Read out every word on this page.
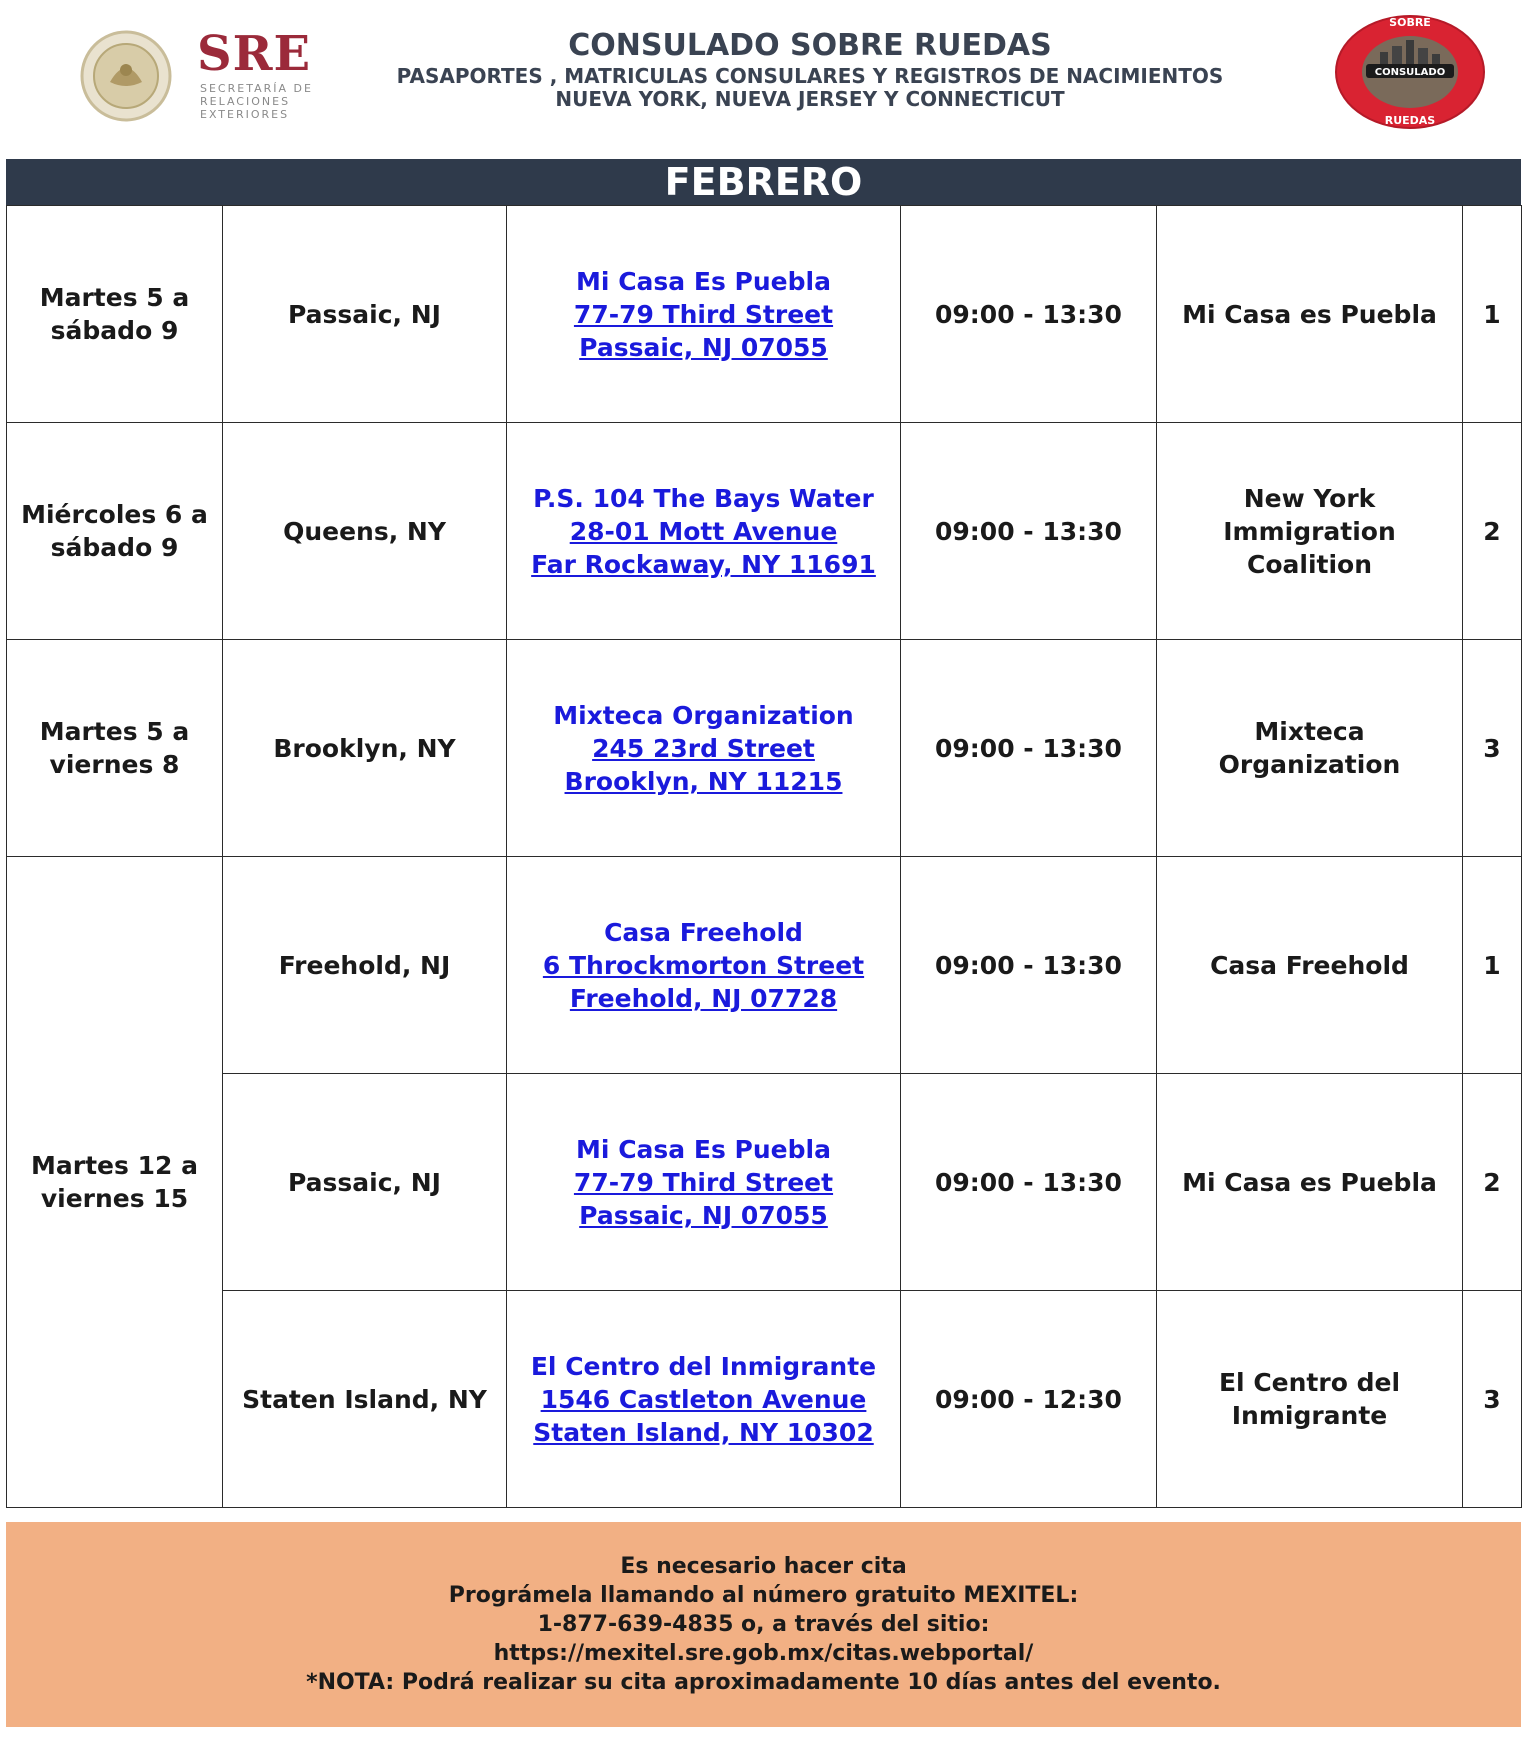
SRE
SECRETARÍA DE
RELACIONES
EXTERIORES
CONSULADO SOBRE RUEDAS
PASAPORTES , MATRICULAS CONSULARES Y REGISTROS DE NACIMIENTOS
NUEVA YORK, NUEVA JERSEY Y CONNECTICUT
CONSULADO
SOBRE
RUEDAS
FEBRERO
Martes 5 a sábado 9	Passaic, NJ	Mi Casa Es Puebla
77-79 Third Street
Passaic, NJ 07055	09:00 - 13:30	Mi Casa es Puebla	1
Miércoles 6 a sábado 9	Queens, NY	P.S. 104 The Bays Water
28-01 Mott Avenue
Far Rockaway, NY 11691	09:00 - 13:30	New York Immigration Coalition	2
Martes 5 a viernes 8	Brooklyn, NY	Mixteca Organization
245 23rd Street
Brooklyn, NY 11215	09:00 - 13:30	Mixteca Organization	3
Martes 12 a viernes 15	Freehold, NJ	Casa Freehold
6 Throckmorton Street
Freehold, NJ 07728	09:00 - 13:30	Casa Freehold	1
	Passaic, NJ	Mi Casa Es Puebla
77-79 Third Street
Passaic, NJ 07055	09:00 - 13:30	Mi Casa es Puebla	2
	Staten Island, NY	El Centro del Inmigrante
1546 Castleton Avenue
Staten Island, NY 10302	09:00 - 12:30	El Centro del Inmigrante	3
Es necesario hacer cita
Prográmela llamando al número gratuito MEXITEL:
1-877-639-4835 o, a través del sitio:
https://mexitel.sre.gob.mx/citas.webportal/
*NOTA: Podrá realizar su cita aproximadamente 10 días antes del evento.
